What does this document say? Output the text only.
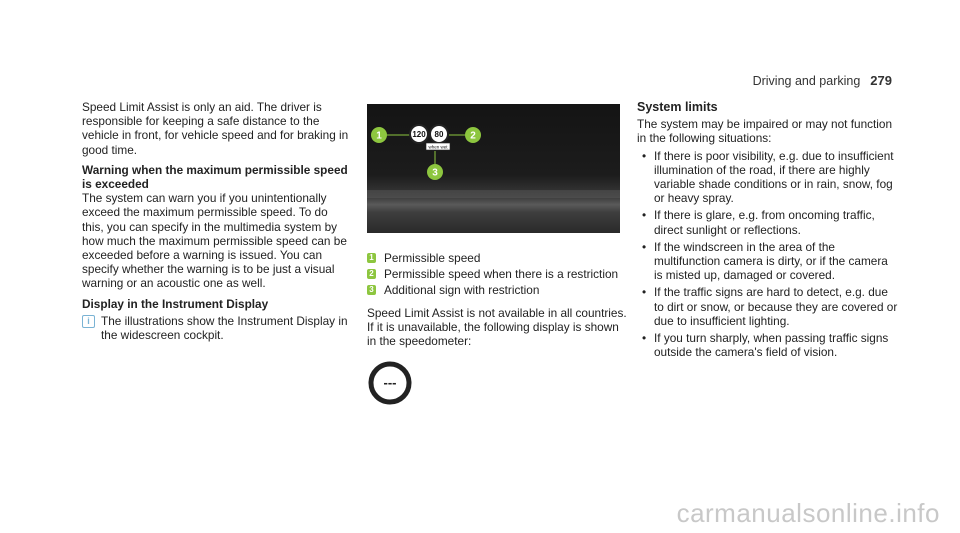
Driving and parking 279

Speed Limit Assist is only an aid. The driver is responsible for keeping a safe distance to the vehicle in front, for vehicle speed and for braking in good time.

Warning when the maximum permissible speed is exceeded

The system can warn you if you unintentionally exceed the maximum permissible speed. To do this, you can specify in the multimedia system by how much the maximum permissible speed can be exceeded before a warning is issued. You can specify whether the warning is to be just a visual warning or an acoustic one as well.

Display in the Instrument Display
i The illustrations show the Instrument Display in the widescreen cockpit.
120 80
when wet
1	2
3
1 Permissible speed
2 Permissible speed when there is a restriction
3 Additional sign with restriction

Speed Limit Assist is not available in all countries. If it is unavailable, the following display is shown in the speedometer:

---
System limits

The system may be impaired or may not function in the following situations:

• If there is poor visibility, e.g. due to insufficient illumination of the road, if there are highly variable shade conditions or in rain, snow, fog or heavy spray.
• If there is glare, e.g. from oncoming traffic, direct sunlight or reflections.
• If the windscreen in the area of the multifunction camera is dirty, or if the camera is misted up, damaged or covered.
• If the traffic signs are hard to detect, e.g. due to dirt or snow, or because they are covered or due to insufficient lighting.
• If you turn sharply, when passing traffic signs outside the camera's field of vision.
carmanualsonline.info
